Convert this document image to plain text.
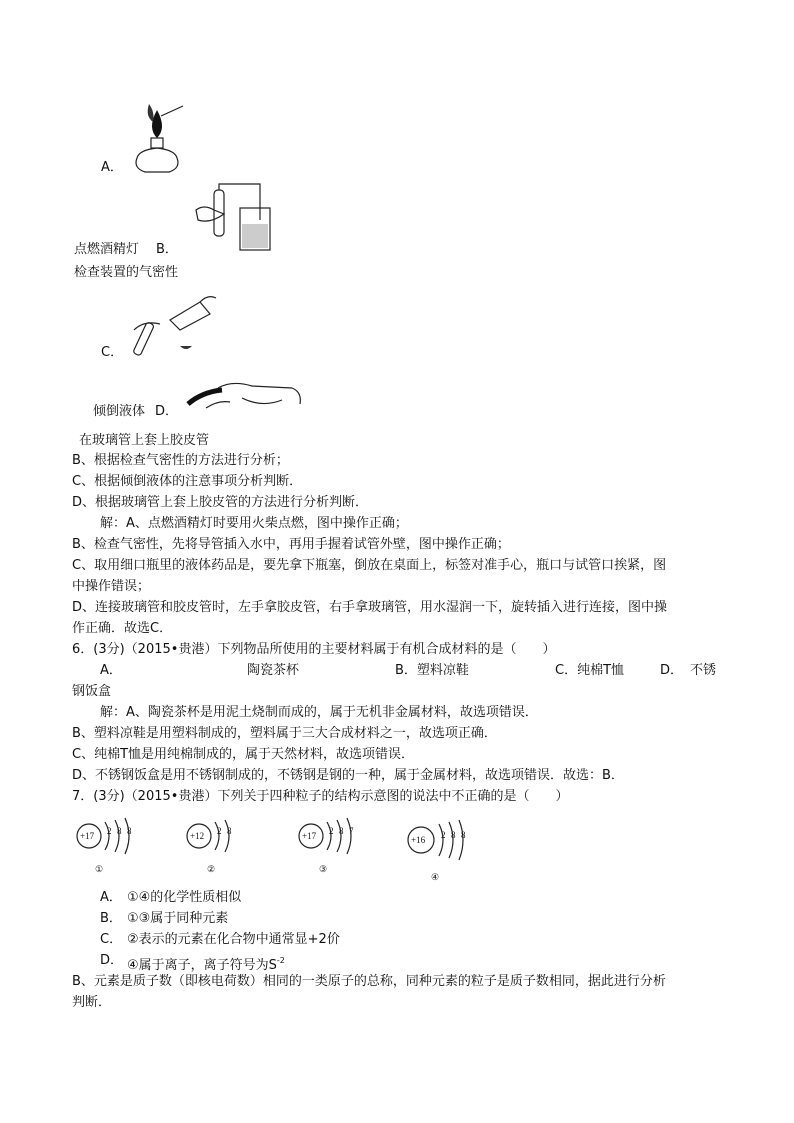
A．
点燃酒精灯 B．
检查装置的气密性
C．
倾倒液体 D．
在玻璃管上套上胶皮管
B、根据检查气密性的方法进行分析；
C、根据倾倒液体的注意事项分析判断．
D、根据玻璃管上套上胶皮管的方法进行分析判断．
解：A、点燃酒精灯时要用火柴点燃，图中操作正确；
B、检查气密性，先将导管插入水中，再用手握着试管外壁，图中操作正确；
C、取用细口瓶里的液体药品是，要先拿下瓶塞，倒放在桌面上，标签对准手心，瓶口与试管口挨紧，图
中操作错误；
D、连接玻璃管和胶皮管时，左手拿胶皮管，右手拿玻璃管，用水湿润一下，旋转插入进行连接，图中操
作正确．故选C．
6．(3分)（2015•贵港）下列物品所使用的主要材料属于有机合成材料的是（　　）
A．	陶瓷茶杯	B．塑料凉鞋	C．纯棉T恤	D． 不锈
钢饭盒
解：A、陶瓷茶杯是用泥土烧制而成的，属于无机非金属材料，故选项错误．
B、塑料凉鞋是用塑料制成的，塑料属于三大合成材料之一，故选项正确．
C、纯棉T恤是用纯棉制成的，属于天然材料，故选项错误．
D、不锈钢饭盒是用不锈钢制成的，不锈钢是钢的一种，属于金属材料，故选项错误．故选：B．
7．(3分)（2015•贵港）下列关于四种粒子的结构示意图的说法中不正确的是（　　）
+17 2 8 8
①
+12 2 8
②
+17 2 8 7
③
+16 2 8 8
④
A． ①④的化学性质相似
B． ①③属于同种元素
C． ②表示的元素在化合物中通常显+2价
D． ④属于离子，离子符号为$S^{-2}$
B、元素是质子数（即核电荷数）相同的一类原子的总称，同种元素的粒子是质子数相同，据此进行分析
判断．
